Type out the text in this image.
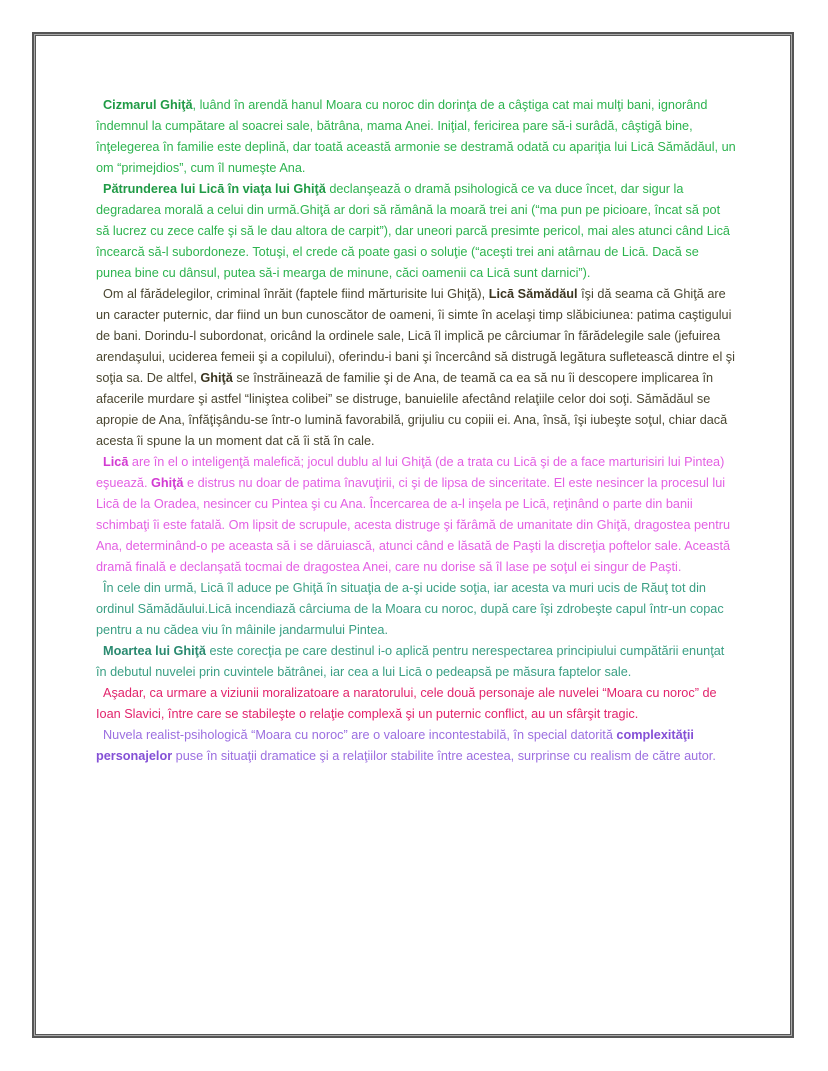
Cizmarul Ghiţă, luând în arendă hanul Moara cu noroc din dorinţa de a câştiga cat mai mulţi bani, ignorând îndemnul la cumpătare al soacrei sale, bătrâna, mama Anei. Iniţial, fericirea pare să-i surâdă, câştigă bine, înţelegerea în familie este deplină, dar toată această armonie se destramă odată cu apariţia lui Licā Sămădăul, un om “primejdios”, cum îl numeşte Ana.

Pătrunderea lui Licā în viaţa lui Ghiţă declanşează o dramă psihologică ce va duce încet, dar sigur la degradarea morală a celui din urmă.Ghiţă ar dori să rămână la moară trei ani (“ma pun pe picioare, încat să pot să lucrez cu zece calfe şi să le dau altora de carpit”), dar uneori parcă presimte pericol, mai ales atunci când Licā încearcă să-l subordoneze. Totuşi, el crede că poate gasi o soluţie (“aceşti trei ani atârnau de Licā. Dacă se punea bine cu dânsul, putea să-i mearga de minune, căci oamenii ca Licā sunt darnici”).

Om al fărădelegilor, criminal înrăit (faptele fiind mărturisite lui Ghiţă), Licā Sămădăul îşi dă seama că Ghiţă are un caracter puternic, dar fiind un bun cunoscător de oameni, îi simte în acelaşi timp slăbiciunea: patima caştigului de bani. Dorindu-l subordonat, oricând la ordinele sale, Licā îl implică pe cârciumar în fărădelegile sale (jefuirea arendaşului, uciderea femeii şi a copilului), oferindu-i bani şi încercând să distrugă legătura sufletească dintre el şi soţia sa. De altfel, Ghiţă se înstrăinează de familie şi de Ana, de teamă ca ea să nu îi descopere implicarea în afacerile murdare şi astfel “liniştea colibei” se distruge, banuielile afectând relaţiile celor doi soţi. Sămădăul se apropie de Ana, înfăţişându-se într-o lumină favorabilă, grijuliu cu copiii ei. Ana, însă, îşi iubeşte soţul, chiar dacă acesta îi spune la un moment dat că îi stă în cale.

Licā are în el o inteligenţă malefică; jocul dublu al lui Ghiţă (de a trata cu Licā şi de a face marturisiri lui Pintea) eşuează. Ghiţă e distrus nu doar de patima înavuţirii, ci şi de lipsa de sinceritate. El este nesincer la procesul lui Licā de la Oradea, nesincer cu Pintea şi cu Ana. Încercarea de a-l inşela pe Licā, reţinând o parte din banii schimbaţi îi este fatală. Om lipsit de scrupule, acesta distruge şi fărâmă de umanitate din Ghiţă, dragostea pentru Ana, determinând-o pe aceasta să i se dăruiască, atunci când e lăsată de Paşti la discreţia poftelor sale. Această dramă finală e declanşată tocmai de dragostea Anei, care nu dorise să îl lase pe soţul ei singur de Paşti.

În cele din urmă, Licā îl aduce pe Ghiţă în situaţia de a-şi ucide soţia, iar acesta va muri ucis de Răuţ tot din ordinul Sămădăului.Licā incendiază cârciuma de la Moara cu noroc, după care îşi zdrobeşte capul într-un copac pentru a nu cădea viu în mâinile jandarmului Pintea.

Moartea lui Ghiţă este corecţia pe care destinul i-o aplică pentru nerespectarea principiului cumpătării enunţat în debutul nuvelei prin cuvintele bătrânei, iar cea a lui Licā o pedeapsă pe măsura faptelor sale.

Aşadar, ca urmare a viziunii moralizatoare a naratorului, cele două personaje ale nuvelei “Moara cu noroc” de Ioan Slavici, între care se stabileşte o relaţie complexă şi un puternic conflict, au un sfârşit tragic.

Nuvela realist-psihologică “Moara cu noroc” are o valoare incontestabilă, în special datorită complexităţii personajelor puse în situaţii dramatice şi a relaţiilor stabilite între acestea, surprinse cu realism de către autor.
